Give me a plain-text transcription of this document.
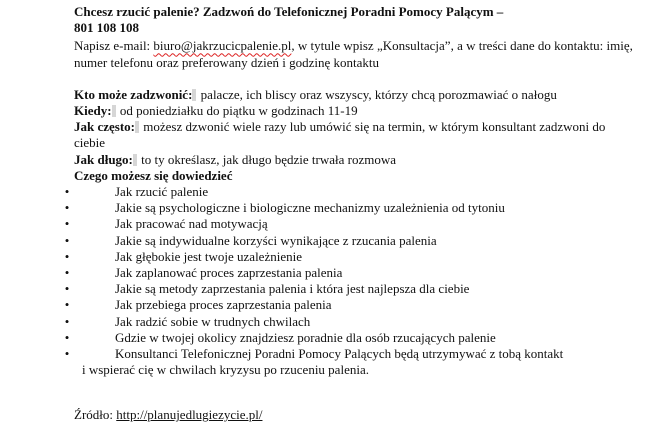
Chcesz rzucić palenie? Zadzwoń do Telefonicznej Poradni Pomocy Palącym –
801 108 108

Napisz e-mail: biuro@jakrzucicpalenie.pl, w tytule wpisz „Konsultacja”, a w treści dane do kontaktu: imię, numer telefonu oraz preferowany dzień i godzinę kontaktu

Kto może zadzwonić: palacze, ich bliscy oraz wszyscy, którzy chcą porozmawiać o nałogu

Kiedy: od poniedziałku do piątku w godzinach 11-19

Jak często: możesz dzwonić wiele razy lub umówić się na termin, w którym konsultant zadzwoni do ciebie

Jak długo: to ty określasz, jak długo będzie trwała rozmowa

Czego możesz się dowiedzieć

•	Jak rzucić palenie
•	Jakie są psychologiczne i biologiczne mechanizmy uzależnienia od tytoniu
•	Jak pracować nad motywacją
•	Jakie są indywidualne korzyści wynikające z rzucania palenia
•	Jak głębokie jest twoje uzależnienie
•	Jak zaplanować proces zaprzestania palenia
•	Jakie są metody zaprzestania palenia i która jest najlepsza dla ciebie
•	Jak przebiega proces zaprzestania palenia
•	Jak radzić sobie w trudnych chwilach
•	Gdzie w twojej okolicy znajdziesz poradnie dla osób rzucających palenie
•	Konsultanci Telefonicznej Poradni Pomocy Palących będą utrzymywać z tobą kontakt
i wspierać cię w chwilach kryzysu po rzuceniu palenia.

Źródło: http://planujedlugiezycie.pl/
